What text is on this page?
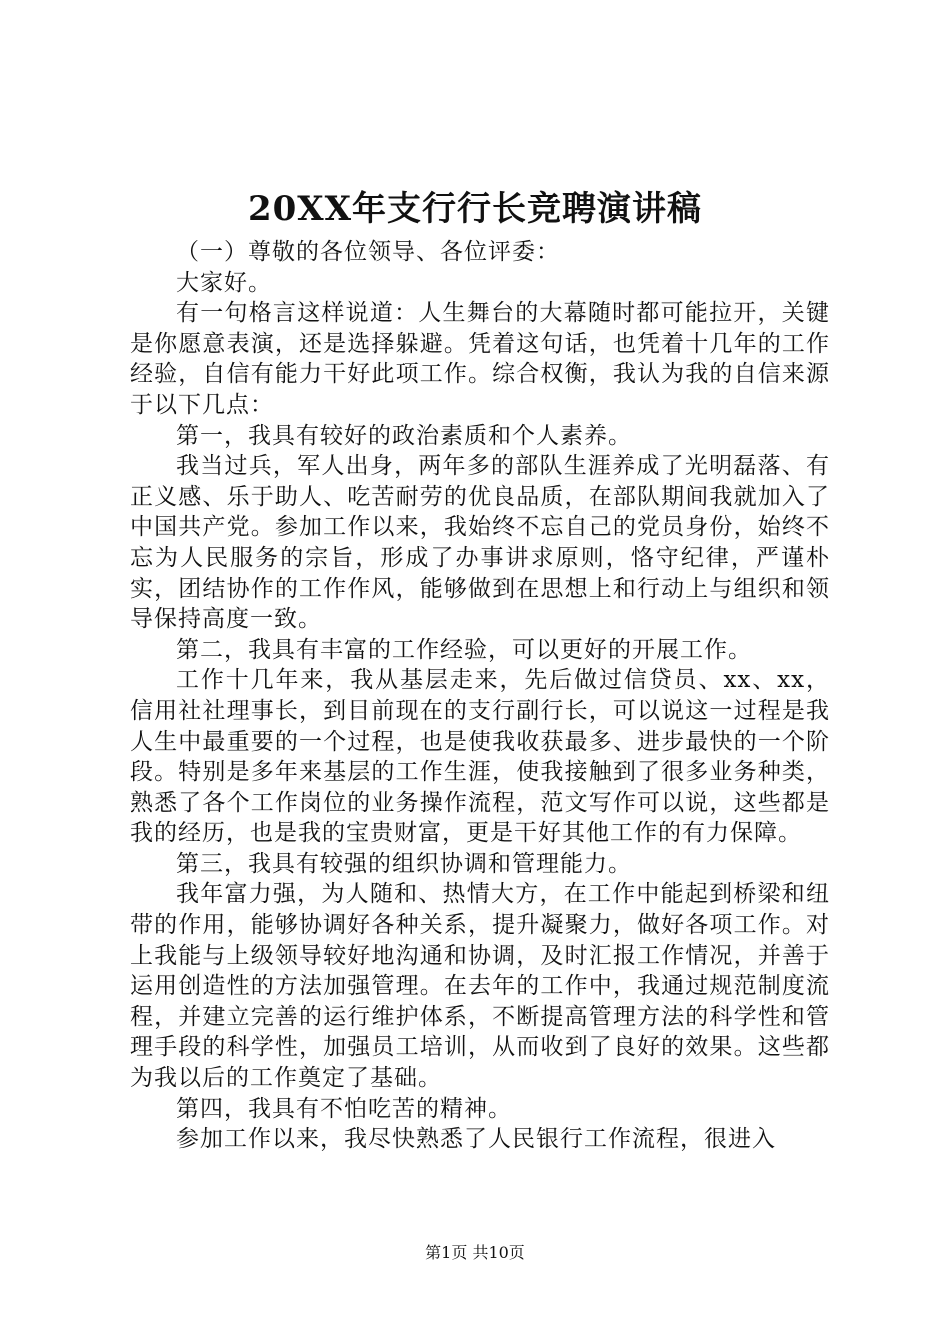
20XX年支行行长竞聘演讲稿

（一）尊敬的各位领导、各位评委：

大家好。

有一句格言这样说道：人生舞台的大幕随时都可能拉开，关键是你愿意表演，还是选择躲避。凭着这句话，也凭着十几年的工作经验，自信有能力干好此项工作。综合权衡，我认为我的自信来源于以下几点：

第一，我具有较好的政治素质和个人素养。

我当过兵，军人出身，两年多的部队生涯养成了光明磊落、有正义感、乐于助人、吃苦耐劳的优良品质，在部队期间我就加入了中国共产党。参加工作以来，我始终不忘自己的党员身份，始终不忘为人民服务的宗旨，形成了办事讲求原则，恪守纪律，严谨朴实，团结协作的工作作风，能够做到在思想上和行动上与组织和领导保持高度一致。

第二，我具有丰富的工作经验，可以更好的开展工作。

工作十几年来，我从基层走来，先后做过信贷员、xx、xx，信用社社理事长，到目前现在的支行副行长，可以说这一过程是我人生中最重要的一个过程，也是使我收获最多、进步最快的一个阶段。特别是多年来基层的工作生涯，使我接触到了很多业务种类，熟悉了各个工作岗位的业务操作流程，范文写作可以说，这些都是我的经历，也是我的宝贵财富，更是干好其他工作的有力保障。

第三，我具有较强的组织协调和管理能力。

我年富力强，为人随和、热情大方，在工作中能起到桥梁和纽带的作用，能够协调好各种关系，提升凝聚力，做好各项工作。对上我能与上级领导较好地沟通和协调，及时汇报工作情况，并善于运用创造性的方法加强管理。在去年的工作中，我通过规范制度流程，并建立完善的运行维护体系，不断提高管理方法的科学性和管理手段的科学性，加强员工培训，从而收到了良好的效果。这些都为我以后的工作奠定了基础。

第四，我具有不怕吃苦的精神。

参加工作以来，我尽快熟悉了人民银行工作流程，很进入

第1页 共10页
